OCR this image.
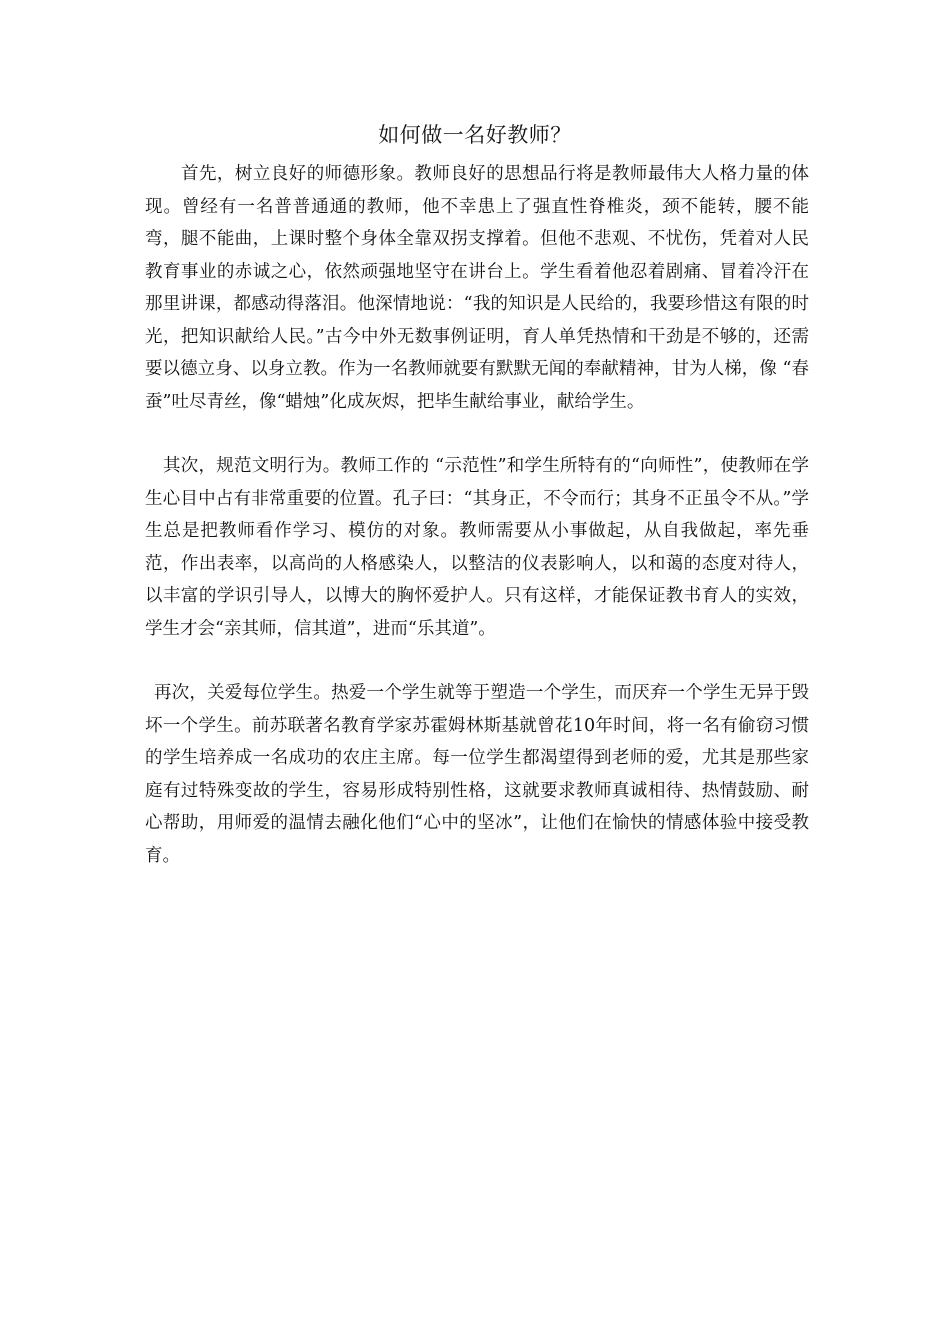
如何做一名好教师？

首先，树立良好的师德形象。教师良好的思想品行将是教师最伟大人格力量的体现。曾经有一名普普通通的教师，他不幸患上了强直性脊椎炎，颈不能转，腰不能弯，腿不能曲，上课时整个身体全靠双拐支撑着。但他不悲观、不忧伤，凭着对人民教育事业的赤诚之心，依然顽强地坚守在讲台上。学生看着他忍着剧痛、冒着冷汗在那里讲课，都感动得落泪。他深情地说：“我的知识是人民给的，我要珍惜这有限的时光，把知识献给人民。”古今中外无数事例证明，育人单凭热情和干劲是不够的，还需要以德立身、以身立教。作为一名教师就要有默默无闻的奉献精神，甘为人梯，像 “春蚕”吐尽青丝，像“蜡烛”化成灰烬，把毕生献给事业，献给学生。

其次，规范文明行为。教师工作的 “示范性”和学生所特有的“向师性”，使教师在学生心目中占有非常重要的位置。孔子曰：“其身正，不令而行；其身不正虽令不从。”学生总是把教师看作学习、模仿的对象。教师需要从小事做起，从自我做起，率先垂范，作出表率，以高尚的人格感染人，以整洁的仪表影响人，以和蔼的态度对待人，以丰富的学识引导人，以博大的胸怀爱护人。只有这样，才能保证教书育人的实效，学生才会“亲其师，信其道”，进而“乐其道”。

再次，关爱每位学生。热爱一个学生就等于塑造一个学生，而厌弃一个学生无异于毁坏一个学生。前苏联著名教育学家苏霍姆林斯基就曾花10年时间，将一名有偷窃习惯的学生培养成一名成功的农庄主席。每一位学生都渴望得到老师的爱，尤其是那些家庭有过特殊变故的学生，容易形成特别性格，这就要求教师真诚相待、热情鼓励、耐心帮助，用师爱的温情去融化他们“心中的坚冰”，让他们在愉快的情感体验中接受教育。
